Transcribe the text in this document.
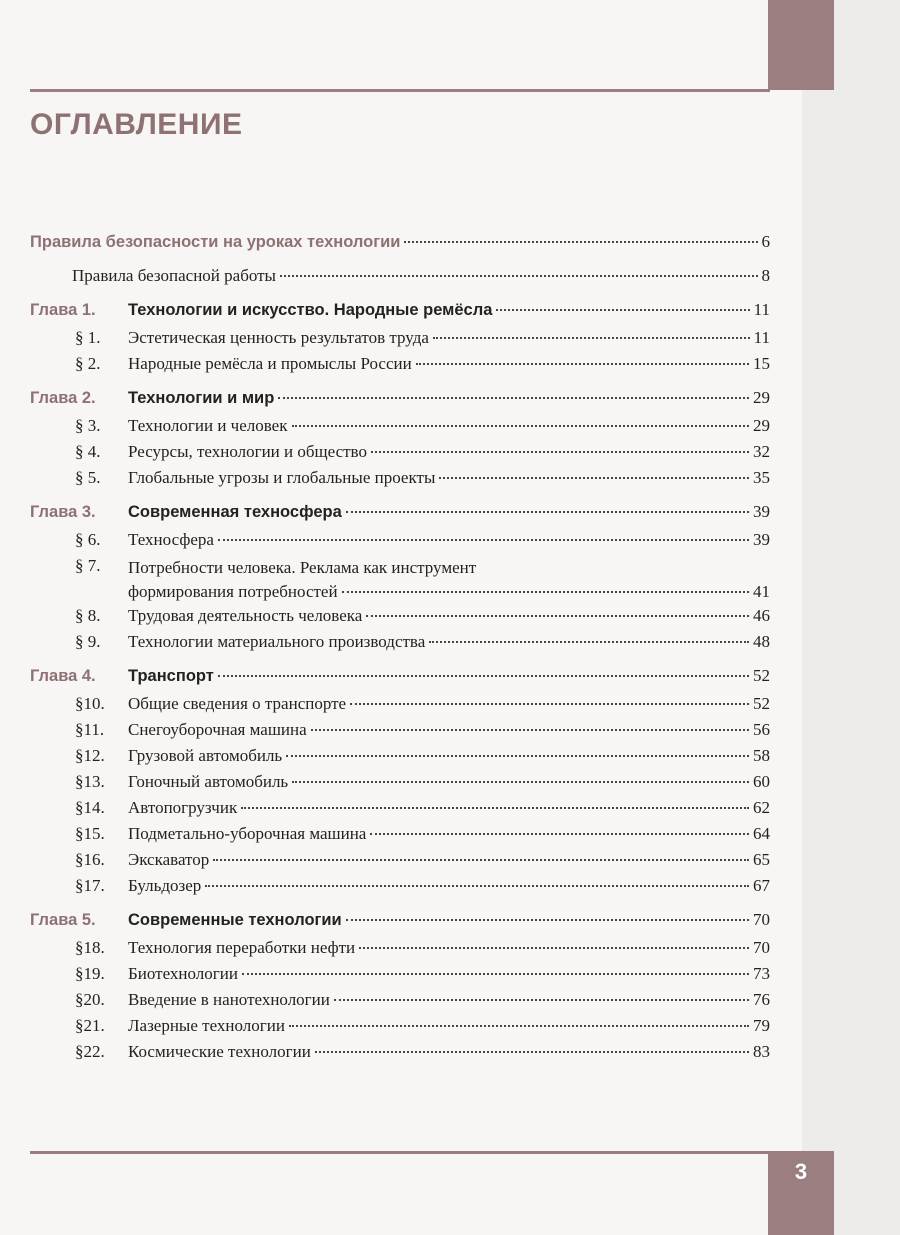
ОГЛАВЛЕНИЕ
Правила безопасности на уроках технологии	6
Правила безопасной работы	8
Глава 1.	Технологии и искусство. Народные ремёсла	11
§ 1.	Эстетическая ценность результатов труда	11
§ 2.	Народные ремёсла и промыслы России	15
Глава 2.	Технологии и мир	29
§ 3.	Технологии и человек	29
§ 4.	Ресурсы, технологии и общество	32
§ 5.	Глобальные угрозы и глобальные проекты	35
Глава 3.	Современная техносфера	39
§ 6.	Техносфера	39
§ 7.	Потребности человека. Реклама как инструмент
формирования потребностей	41
§ 8.	Трудовая деятельность человека	46
§ 9.	Технологии материального производства	48
Глава 4.	Транспорт	52
§10.	Общие сведения о транспорте	52
§11.	Снегоуборочная машина	56
§12.	Грузовой автомобиль	58
§13.	Гоночный автомобиль	60
§14.	Автопогрузчик	62
§15.	Подметально-уборочная машина	64
§16.	Экскаватор	65
§17.	Бульдозер	67
Глава 5.	Современные технологии	70
§18.	Технология переработки нефти	70
§19.	Биотехнологии	73
§20.	Введение в нанотехнологии	76
§21.	Лазерные технологии	79
§22.	Космические технологии	83
3
